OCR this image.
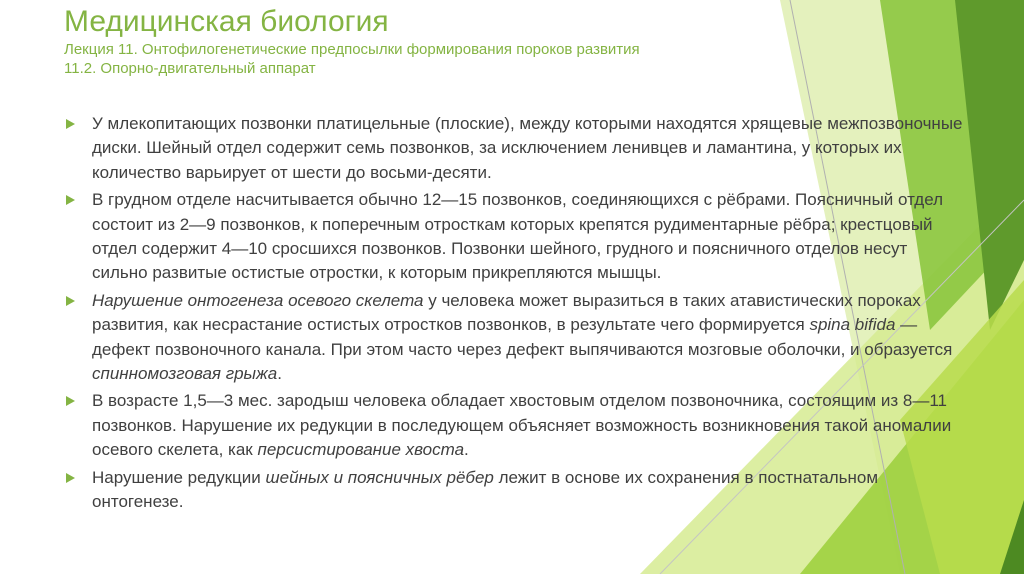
Медицинская биология

Лекция 11. Онтофилогенетические предпосылки формирования пороков развития

11.2. Опорно-двигательный аппарат

У млекопитающих позвонки платицельные (плоские), между которыми находятся хрящевые межпозвоночные диски. Шейный отдел содержит семь позвонков, за исключением ленивцев и ламантина, у которых их количество варьирует от шести до восьми-десяти.
В грудном отделе насчитывается обычно 12—15 позвонков, соединяющихся с рёбрами. Поясничный отдел состоит из 2—9 позвонков, к поперечным отросткам которых крепятся рудиментарные рёбра; крестцовый отдел содержит 4—10 сросшихся позвонков. Позвонки шейного, грудного и поясничного отделов несут сильно развитые остистые отростки, к которым прикрепляются мышцы.
Нарушение онтогенеза осевого скелета у человека может выразиться в таких атавистических пороках развития, как несрастание остистых отростков позвонков, в результате чего формируется spina bifida — дефект позвоночного канала. При этом часто через дефект выпячиваются мозговые оболочки, и образуется спинномозговая грыжа.
В возрасте 1,5—3 мес. зародыш человека обладает хвостовым отделом позвоночника, состоящим из 8—11 позвонков. Нарушение их редукции в последующем объясняет возможность возникновения такой аномалии осевого скелета, как персистирование хвоста.
Нарушение редукции шейных и поясничных рёбер лежит в основе их сохранения в постнатальном онтогенезе.
